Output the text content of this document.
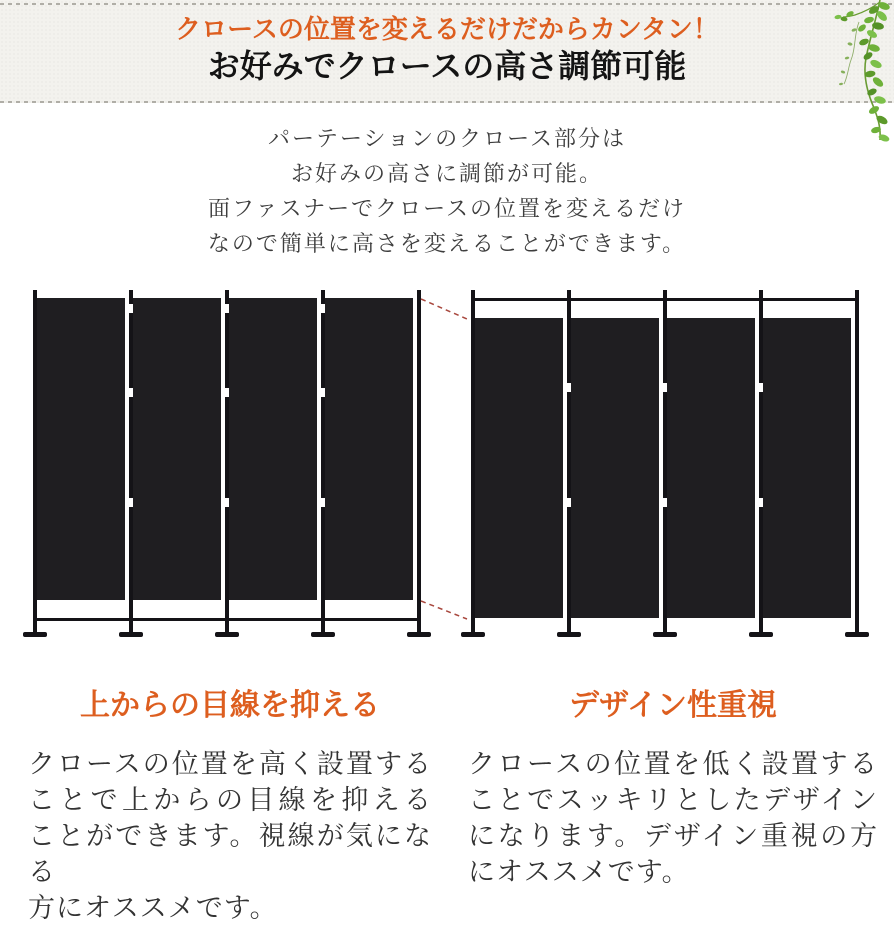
クロースの位置を変えるだけだからカンタン！
お好みでクロースの高さ調節可能
パーテーションのクロース部分は
お好みの高さに調節が可能。
面ファスナーでクロースの位置を変えるだけ
なので簡単に高さを変えることができます。
上からの目線を抑える	デザイン性重視
クロースの位置を高く設置する
ことで上からの目線を抑える
ことができます。視線が気になる
方にオススメです。
クロースの位置を低く設置する
ことでスッキリとしたデザイン
になります。デザイン重視の方
にオススメです。
